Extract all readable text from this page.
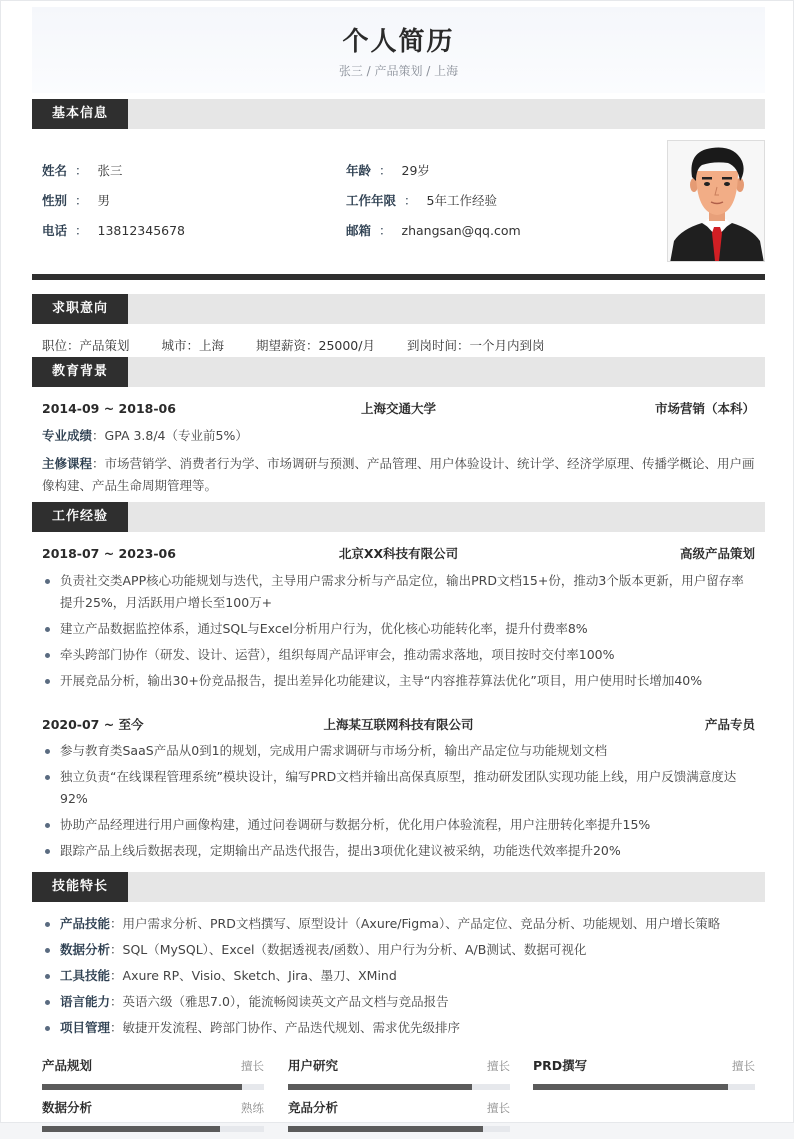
个人简历
张三 / 产品策划 / 上海
基本信息
姓名 ： 张三
性别 ： 男
电话 ： 13812345678
年龄 ： 29岁
工作年限 ： 5年工作经验
邮箱 ： zhangsan@qq.com
求职意向
职位：产品策划	城市：上海	期望薪资：25000/月	到岗时间：一个月内到岗
教育背景
2014-09 ~ 2018-06	上海交通大学	市场营销（本科）
专业成绩：GPA 3.8/4（专业前5%）
主修课程：市场营销学、消费者行为学、市场调研与预测、产品管理、用户体验设计、统计学、经济学原理、传播学概论、用户画像构建、产品生命周期管理等。
工作经验
2018-07 ~ 2023-06	北京XX科技有限公司	高级产品策划
负责社交类APP核心功能规划与迭代，主导用户需求分析与产品定位，输出PRD文档15+份，推动3个版本更新，用户留存率提升25%，月活跃用户增长至100万+
建立产品数据监控体系，通过SQL与Excel分析用户行为，优化核心功能转化率，提升付费率8%
牵头跨部门协作（研发、设计、运营），组织每周产品评审会，推动需求落地，项目按时交付率100%
开展竞品分析，输出30+份竞品报告，提出差异化功能建议，主导“内容推荐算法优化”项目，用户使用时长增加40%
2020-07 ~ 至今	上海某互联网科技有限公司	产品专员
参与教育类SaaS产品从0到1的规划，完成用户需求调研与市场分析，输出产品定位与功能规划文档
独立负责“在线课程管理系统”模块设计，编写PRD文档并输出高保真原型，推动研发团队实现功能上线，用户反馈满意度达92%
协助产品经理进行用户画像构建，通过问卷调研与数据分析，优化用户体验流程，用户注册转化率提升15%
跟踪产品上线后数据表现，定期输出产品迭代报告，提出3项优化建议被采纳，功能迭代效率提升20%
技能特长
产品技能：用户需求分析、PRD文档撰写、原型设计（Axure/Figma）、产品定位、竞品分析、功能规划、用户增长策略
数据分析：SQL（MySQL）、Excel（数据透视表/函数）、用户行为分析、A/B测试、数据可视化
工具技能：Axure RP、Visio、Sketch、Jira、墨刀、XMind
语言能力：英语六级（雅思7.0），能流畅阅读英文产品文档与竞品报告
项目管理：敏捷开发流程、跨部门协作、产品迭代规划、需求优先级排序
产品规划	擅长 用户研究	擅长 PRD撰写	擅长
数据分析	熟练 竞品分析	擅长
